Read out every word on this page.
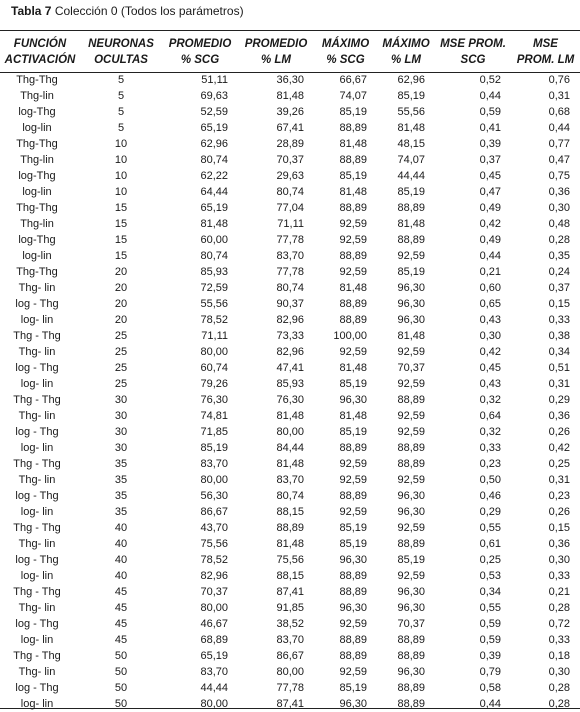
Tabla 7 Colección 0 (Todos los parámetros)
FUNCIÓN	NEURONAS	PROMEDIO	PROMEDIO	MÁXIMO	MÁXIMO	MSE PROM.	MSE
ACTIVACIÓN	OCULTAS	% SCG	% LM	% SCG	% LM	SCG	PROM. LM
Thg-Thg	5	51,11	36,30	66,67	62,96	0,52	0,76
Thg-lin	5	69,63	81,48	74,07	85,19	0,44	0,31
log-Thg	5	52,59	39,26	85,19	55,56	0,59	0,68
log-lin	5	65,19	67,41	88,89	81,48	0,41	0,44
Thg-Thg	10	62,96	28,89	81,48	48,15	0,39	0,77
Thg-lin	10	80,74	70,37	88,89	74,07	0,37	0,47
log-Thg	10	62,22	29,63	85,19	44,44	0,45	0,75
log-lin	10	64,44	80,74	81,48	85,19	0,47	0,36
Thg-Thg	15	65,19	77,04	88,89	88,89	0,49	0,30
Thg-lin	15	81,48	71,11	92,59	81,48	0,42	0,48
log-Thg	15	60,00	77,78	92,59	88,89	0,49	0,28
log-lin	15	80,74	83,70	88,89	92,59	0,44	0,35
Thg-Thg	20	85,93	77,78	92,59	85,19	0,21	0,24
Thg- lin	20	72,59	80,74	81,48	96,30	0,60	0,37
log - Thg	20	55,56	90,37	88,89	96,30	0,65	0,15
log- lin	20	78,52	82,96	88,89	96,30	0,43	0,33
Thg - Thg	25	71,11	73,33	100,00	81,48	0,30	0,38
Thg- lin	25	80,00	82,96	92,59	92,59	0,42	0,34
log - Thg	25	60,74	47,41	81,48	70,37	0,45	0,51
log- lin	25	79,26	85,93	85,19	92,59	0,43	0,31
Thg - Thg	30	76,30	76,30	96,30	88,89	0,32	0,29
Thg- lin	30	74,81	81,48	81,48	92,59	0,64	0,36
log - Thg	30	71,85	80,00	85,19	92,59	0,32	0,26
log- lin	30	85,19	84,44	88,89	88,89	0,33	0,42
Thg - Thg	35	83,70	81,48	92,59	88,89	0,23	0,25
Thg- lin	35	80,00	83,70	92,59	92,59	0,50	0,31
log - Thg	35	56,30	80,74	88,89	96,30	0,46	0,23
log- lin	35	86,67	88,15	92,59	96,30	0,29	0,26
Thg - Thg	40	43,70	88,89	85,19	92,59	0,55	0,15
Thg- lin	40	75,56	81,48	85,19	88,89	0,61	0,36
log - Thg	40	78,52	75,56	96,30	85,19	0,25	0,30
log- lin	40	82,96	88,15	88,89	92,59	0,53	0,33
Thg - Thg	45	70,37	87,41	88,89	96,30	0,34	0,21
Thg- lin	45	80,00	91,85	96,30	96,30	0,55	0,28
log - Thg	45	46,67	38,52	92,59	70,37	0,59	0,72
log- lin	45	68,89	83,70	88,89	88,89	0,59	0,33
Thg - Thg	50	65,19	86,67	88,89	88,89	0,39	0,18
Thg- lin	50	83,70	80,00	92,59	96,30	0,79	0,30
log - Thg	50	44,44	77,78	85,19	88,89	0,58	0,28
log- lin	50	80,00	87,41	96,30	88,89	0,44	0,28
